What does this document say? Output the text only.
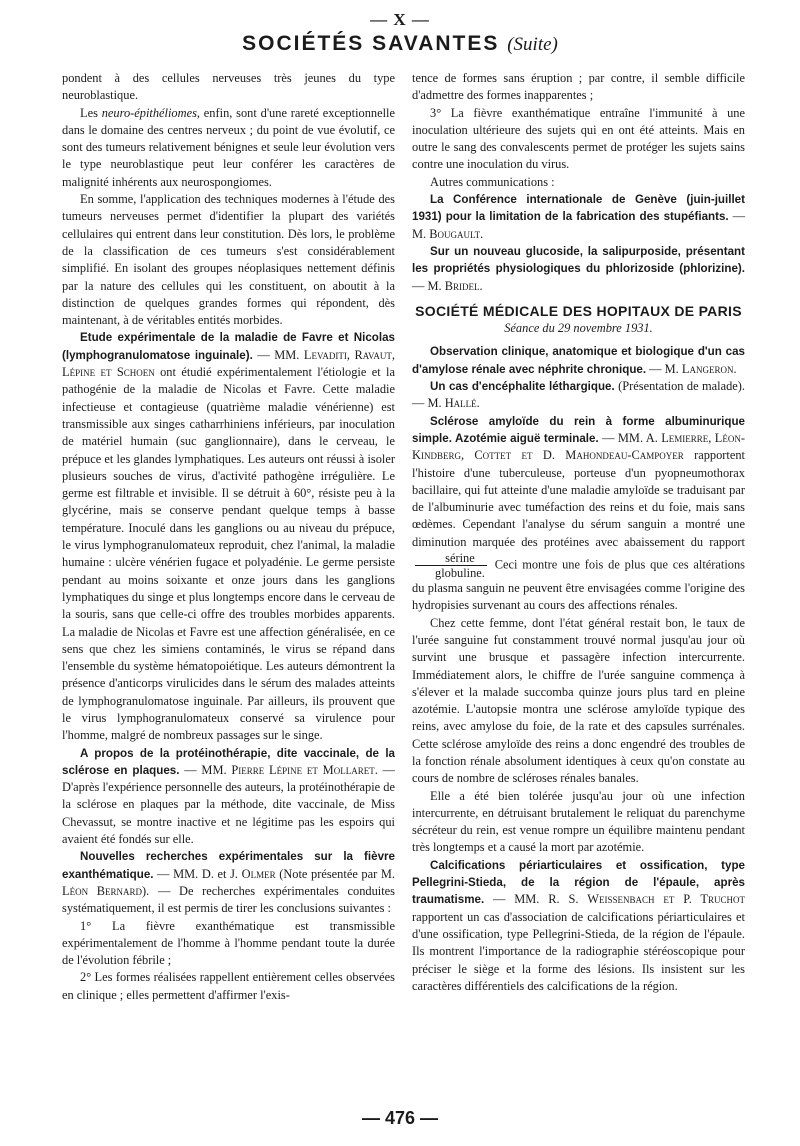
— X —
SOCIÉTÉS SAVANTES (Suite)

pondent à des cellules nerveuses très jeunes du type neuroblastique.

Les neuro-épithéliomes, enfin, sont d'une rareté exceptionnelle dans le domaine des centres nerveux ; du point de vue évolutif, ce sont des tumeurs relativement bénignes et seule leur évolution vers le type neuroblastique peut leur conférer les caractères de malignité inhérents aux neurospongiomes.

En somme, l'application des techniques modernes à l'étude des tumeurs nerveuses permet d'identifier la plupart des variétés cellulaires qui entrent dans leur constitution. Dès lors, le problème de la classification de ces tumeurs s'est considérablement simplifié. En isolant des groupes néoplasiques nettement définis par la nature des cellules qui les constituent, on aboutit à la distinction de quelques grandes formes qui répondent, dès maintenant, à de véritables entités morbides.

Etude expérimentale de la maladie de Favre et Nicolas (lymphogranulomatose inguinale). — MM. Levaditi, Ravaut, Lépine et Schoen ont étudié expérimentalement l'étiologie et la pathogénie de la maladie de Nicolas et Favre. Cette maladie infectieuse et contagieuse (quatrième maladie vénérienne) est transmissible aux singes catharrhiniens inférieurs, par inoculation de matériel humain (suc ganglionnaire), dans le cerveau, le prépuce et les glandes lymphatiques. Les auteurs ont réussi à isoler plusieurs souches de virus, d'activité pathogène irrégulière. Le germe est filtrable et invisible. Il se détruit à 60°, résiste peu à la glycérine, mais se conserve pendant quelque temps à basse température. Inoculé dans les ganglions ou au niveau du prépuce, le virus lymphogranulomateux reproduit, chez l'animal, la maladie humaine : ulcère vénérien fugace et polyadénie. Le germe persiste pendant au moins soixante et onze jours dans les ganglions lymphatiques du singe et plus longtemps encore dans le cerveau de la souris, sans que celle-ci offre des troubles morbides apparents. La maladie de Nicolas et Favre est une affection généralisée, en ce sens que chez les simiens contaminés, le virus se répand dans l'ensemble du système hématopoiétique. Les auteurs démontrent la présence d'anticorps virulicides dans le sérum des malades atteints de lymphogranulomatose inguinale. Par ailleurs, ils prouvent que le virus lymphogranulomateux conservé sa virulence pour l'homme, malgré de nombreux passages sur le singe.

A propos de la protéinothérapie, dite vaccinale, de la sclérose en plaques. — MM. Pierre Lépine et Mollaret. — D'après l'expérience personnelle des auteurs, la protéinothérapie de la sclérose en plaques par la méthode, dite vaccinale, de Miss Chevassut, se montre inactive et ne légitime pas les espoirs qui avaient été fondés sur elle.

Nouvelles recherches expérimentales sur la fièvre exanthématique. — MM. D. et J. Olmer (Note présentée par M. Léon Bernard). — De recherches expérimentales conduites systématiquement, il est permis de tirer les conclusions suivantes :

1° La fièvre exanthématique est transmissible expérimentalement de l'homme à l'homme pendant toute la durée de l'évolution fébrile ;

2° Les formes réalisées rappellent entièrement celles observées en clinique ; elles permettent d'affirmer l'exis-

tence de formes sans éruption ; par contre, il semble difficile d'admettre des formes inapparentes ;

3° La fièvre exanthématique entraîne l'immunité à une inoculation ultérieure des sujets qui en ont été atteints. Mais en outre le sang des convalescents permet de protéger les sujets sains contre une inoculation du virus.

Autres communications :

La Conférence internationale de Genève (juin-juillet 1931) pour la limitation de la fabrication des stupéfiants. — M. Bougault.

Sur un nouveau glucoside, la salipurposide, présentant les propriétés physiologiques du phlorizoside (phlorizine). — M. Bridel.

SOCIÉTÉ MÉDICALE DES HOPITAUX DE PARIS
Séance du 29 novembre 1931.

Observation clinique, anatomique et biologique d'un cas d'amylose rénale avec néphrite chronique. — M. Langeron.

Un cas d'encéphalite léthargique. (Présentation de malade). — M. Hallé.

Sclérose amyloïde du rein à forme albuminurique simple. Azotémie aiguë terminale. — MM. A. Lemierre, Léon-Kindberg, Cottet et D. Mahondeau-Campoyer rapportent l'histoire d'une tuberculeuse, porteuse d'un pyopneumothorax bacillaire, qui fut atteinte d'une maladie amyloïde se traduisant par de l'albuminurie avec tuméfaction des reins et du foie, mais sans œdèmes. Cependant l'analyse du sérum sanguin a montré une diminution marquée des protéines avec abaissement du rapport
$\frac{\text{sérine}}{\text{globuline.}}$ Ceci montre une fois de plus que ces altérations du plasma sanguin ne peuvent être envisagées comme l'origine des hydropisies survenant au cours des affections rénales.

Chez cette femme, dont l'état général restait bon, le taux de l'urée sanguine fut constamment trouvé normal jusqu'au jour où survint une brusque et passagère infection intercurrente. Immédiatement alors, le chiffre de l'urée sanguine commença à s'élever et la malade succomba quinze jours plus tard en pleine azotémie. L'autopsie montra une sclérose amyloïde typique des reins, avec amylose du foie, de la rate et des capsules surrénales. Cette sclérose amyloïde des reins a donc engendré des troubles de la fonction rénale absolument identiques à ceux qu'on constate au cours de nombre de scléroses rénales banales.

Elle a été bien tolérée jusqu'au jour où une infection intercurrente, en détruisant brutalement le reliquat du parenchyme sécréteur du rein, est venue rompre un équilibre maintenu pendant très longtemps et a causé la mort par azotémie.

Calcifications périarticulaires et ossification, type Pellegrini-Stieda, de la région de l'épaule, après traumatisme. — MM. R. S. Weissenbach et P. Truchot rapportent un cas d'association de calcifications périarticulaires et d'une ossification, type Pellegrini-Stieda, de la région de l'épaule. Ils montrent l'importance de la radiographie stéréoscopique pour préciser le siège et la forme des lésions. Ils insistent sur les caractères différentiels des calcifications de la région.

— 476 —
